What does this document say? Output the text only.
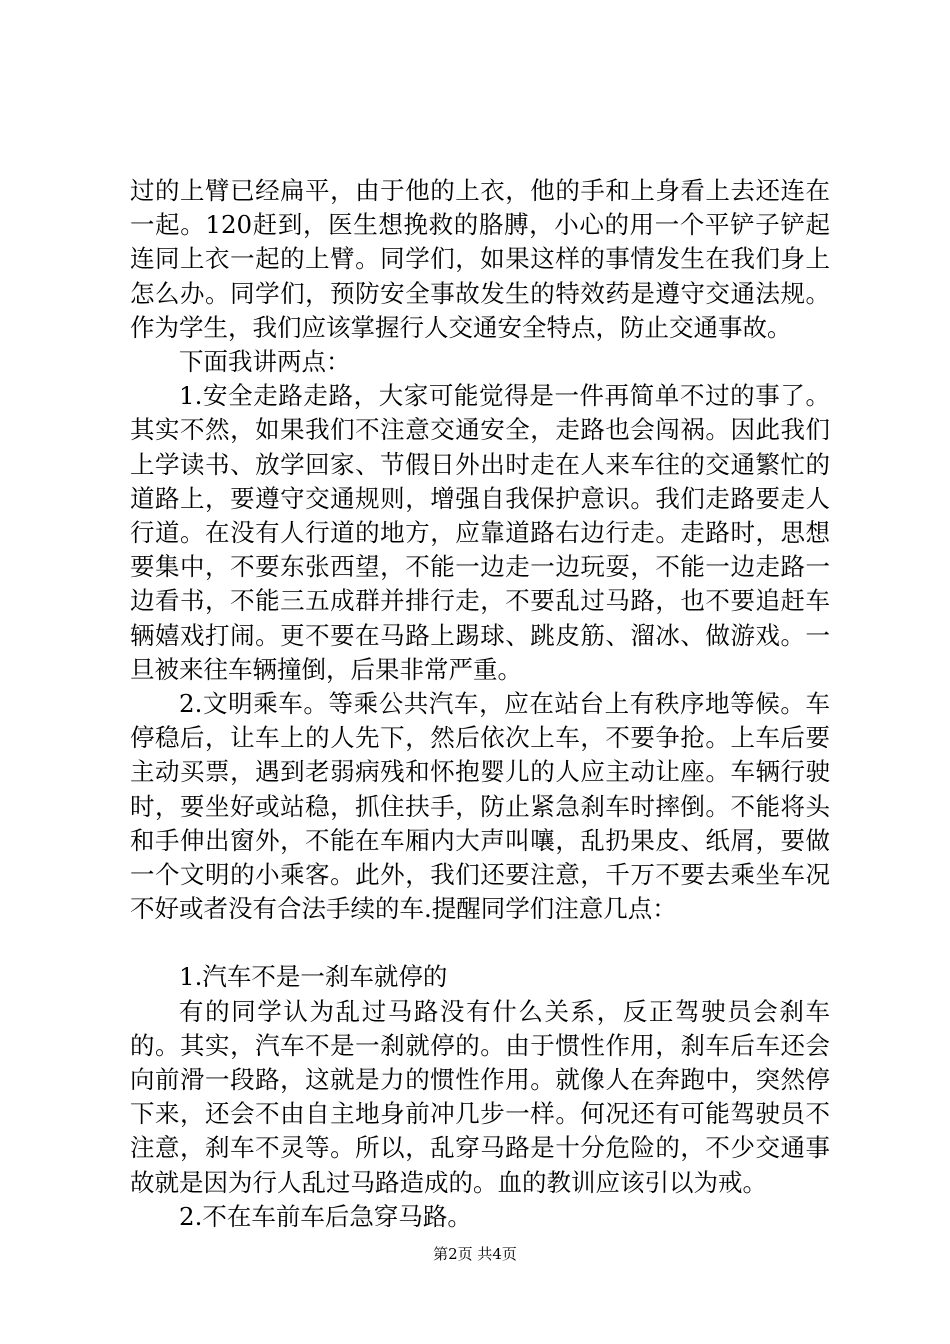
过的上臂已经扁平，由于他的上衣，他的手和上身看上去还连在一起。120赶到，医生想挽救的胳膊，小心的用一个平铲子铲起连同上衣一起的上臂。同学们，如果这样的事情发生在我们身上怎么办。同学们，预防安全事故发生的特效药是遵守交通法规。作为学生，我们应该掌握行人交通安全特点，防止交通事故。

下面我讲两点：

1.安全走路走路，大家可能觉得是一件再简单不过的事了。其实不然，如果我们不注意交通安全，走路也会闯祸。因此我们上学读书、放学回家、节假日外出时走在人来车往的交通繁忙的道路上，要遵守交通规则，增强自我保护意识。我们走路要走人行道。在没有人行道的地方，应靠道路右边行走。走路时，思想要集中，不要东张西望，不能一边走一边玩耍，不能一边走路一边看书，不能三五成群并排行走，不要乱过马路，也不要追赶车辆嬉戏打闹。更不要在马路上踢球、跳皮筋、溜冰、做游戏。一旦被来往车辆撞倒，后果非常严重。

2.文明乘车。等乘公共汽车，应在站台上有秩序地等候。车停稳后，让车上的人先下，然后依次上车，不要争抢。上车后要主动买票，遇到老弱病残和怀抱婴儿的人应主动让座。车辆行驶时，要坐好或站稳，抓住扶手，防止紧急刹车时摔倒。不能将头和手伸出窗外，不能在车厢内大声叫嚷，乱扔果皮、纸屑，要做一个文明的小乘客。此外，我们还要注意，千万不要去乘坐车况不好或者没有合法手续的车.提醒同学们注意几点：

1.汽车不是一刹车就停的

有的同学认为乱过马路没有什么关系，反正驾驶员会刹车的。其实，汽车不是一刹就停的。由于惯性作用，刹车后车还会向前滑一段路，这就是力的惯性作用。就像人在奔跑中，突然停下来，还会不由自主地身前冲几步一样。何况还有可能驾驶员不注意，刹车不灵等。所以，乱穿马路是十分危险的，不少交通事故就是因为行人乱过马路造成的。血的教训应该引以为戒。

2.不在车前车后急穿马路。

第2页 共4页
